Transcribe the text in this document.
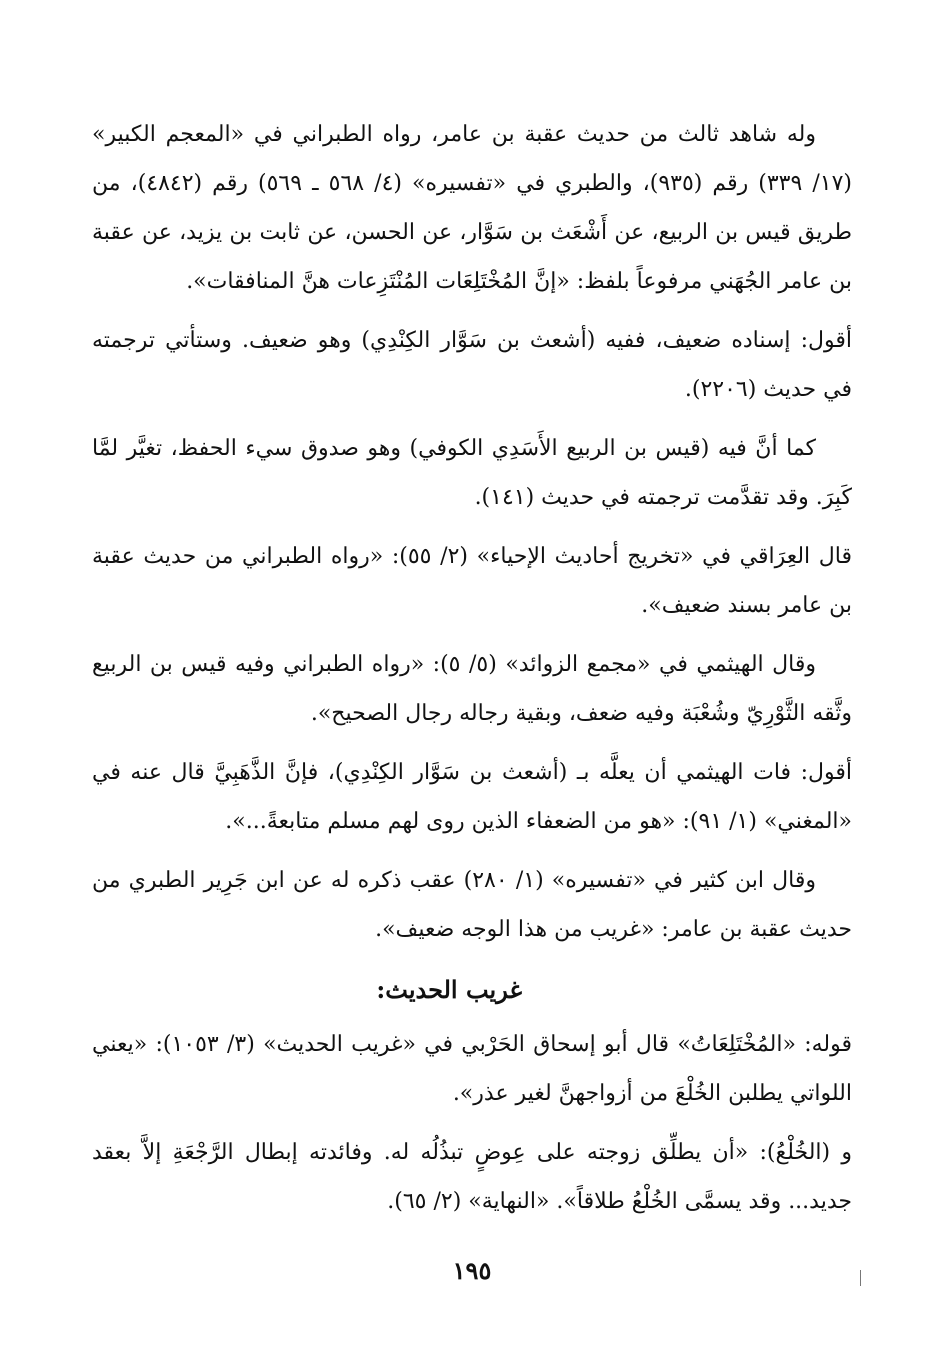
وله شاهد ثالث من حديث عقبة بن عامر، رواه الطبراني في «المعجم الكبير» (١٧/ ٣٣٩) رقم (٩٣٥)، والطبري في «تفسيره» (٤/ ٥٦٨ ـ ٥٦٩) رقم (٤٨٤٢)، من طريق قيس بن الربيع، عن أَشْعَث بن سَوَّار، عن الحسن، عن ثابت بن يزيد، عن عقبة بن عامر الجُهَني مرفوعاً بلفظ: «إنَّ المُخْتَلِعَات المُنْتَزِعات هنَّ المنافقات».

أقول: إسناده ضعيف، ففيه (أشعث بن سَوَّار الكِنْدِي) وهو ضعيف. وستأتي ترجمته في حديث (٢٢٠٦).

كما أنَّ فيه (قيس بن الربيع الأَسَدِي الكوفي) وهو صدوق سيء الحفظ، تغيَّر لمَّا كَبِرَ. وقد تقدَّمت ترجمته في حديث (١٤١).

قال العِرَاقي في «تخريج أحاديث الإحياء» (٢/ ٥٥): «رواه الطبراني من حديث عقبة بن عامر بسند ضعيف».

وقال الهيثمي في «مجمع الزوائد» (٥/ ٥): «رواه الطبراني وفيه قيس بن الربيع وثَّقه الثَّوْرِيّ وشُعْبَة وفيه ضعف، وبقية رجاله رجال الصحيح».

أقول: فات الهيثمي أن يعلَّه بـ (أشعث بن سَوَّار الكِنْدِي)، فإنَّ الذَّهَبِيَّ قال عنه في «المغني» (١/ ٩١): «هو من الضعفاء الذين روى لهم مسلم متابعةً...».

وقال ابن كثير في «تفسيره» (١/ ٢٨٠) عقب ذكره له عن ابن جَرِير الطبري من حديث عقبة بن عامر: «غريب من هذا الوجه ضعيف».

غريب الحديث:

قوله: «المُخْتَلِعَاتُ» قال أبو إسحاق الحَرْبي في «غريب الحديث» (٣/ ١٠٥٣): «يعني اللواتي يطلبن الخُلْعَ من أزواجهنَّ لغير عذر».

و (الخُلْعُ): «أن يطلِّق زوجته على عِوضٍ تبذُلُه له. وفائدته إبطال الرَّجْعَةِ إلاَّ بعقد جديد... وقد يسمَّى الخُلْعُ طلاقاً». «النهاية» (٢/ ٦٥).

١٩٥
